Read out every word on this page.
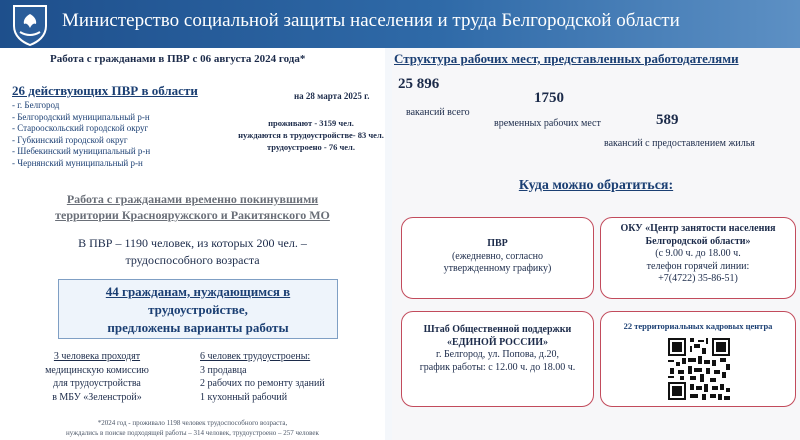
Министерство социальной защиты населения и труда Белгородской области
Работа с гражданами в ПВР с 06 августа 2024 года*
26 действующих ПВР в области	на 28 марта 2025 г.
- г. Белгород
- Белгородский муниципальный р-н
- Старооскольский городской округ
- Губкинский городской округ
- Шебекинский муниципальный р-н
- Чернянский муниципальный р-н
проживают - 3159 чел.
нуждаются в трудоустройстве- 83 чел.
трудоустроено - 76 чел.
Работа с гражданами временно покинувшими
территории Краснояружского и Ракитянского МО
В ПВР – 1190 человек, из которых 200 чел. –
трудоспособного возраста
44 гражданам, нуждающимся в
трудоустройстве,
предложены варианты работы
3 человека проходят
медицинскую комиссию
для трудоустройства
в МБУ «Зеленстрой»
6 человек трудоустроены:
3 продавца
2 рабочих по ремонту зданий
1 кухонный рабочий
*2024 год - проживало 1198 человек трудоспособного возраста,
нуждались в поиске подходящей работы – 314 человек, трудоустроено – 257 человек
Структура рабочих мест, представленных работодателями
25 896
вакансий всего
1750
временных рабочих мест	589
вакансий с предоставлением жилья
Куда можно обратиться:
ПВР
(ежедневно, согласно
утвержденному графику)
ОКУ «Центр занятости населения
Белгородской области»
(с 9.00 ч. до 18.00 ч.
телефон горячей линии:
+7(4722) 35-86-51)
Штаб Общественной поддержки
«ЕДИНОЙ РОССИИ»
г. Белгород, ул. Попова, д.20,
график работы: с 12.00 ч. до 18.00 ч.
22 территориальных кадровых центра
